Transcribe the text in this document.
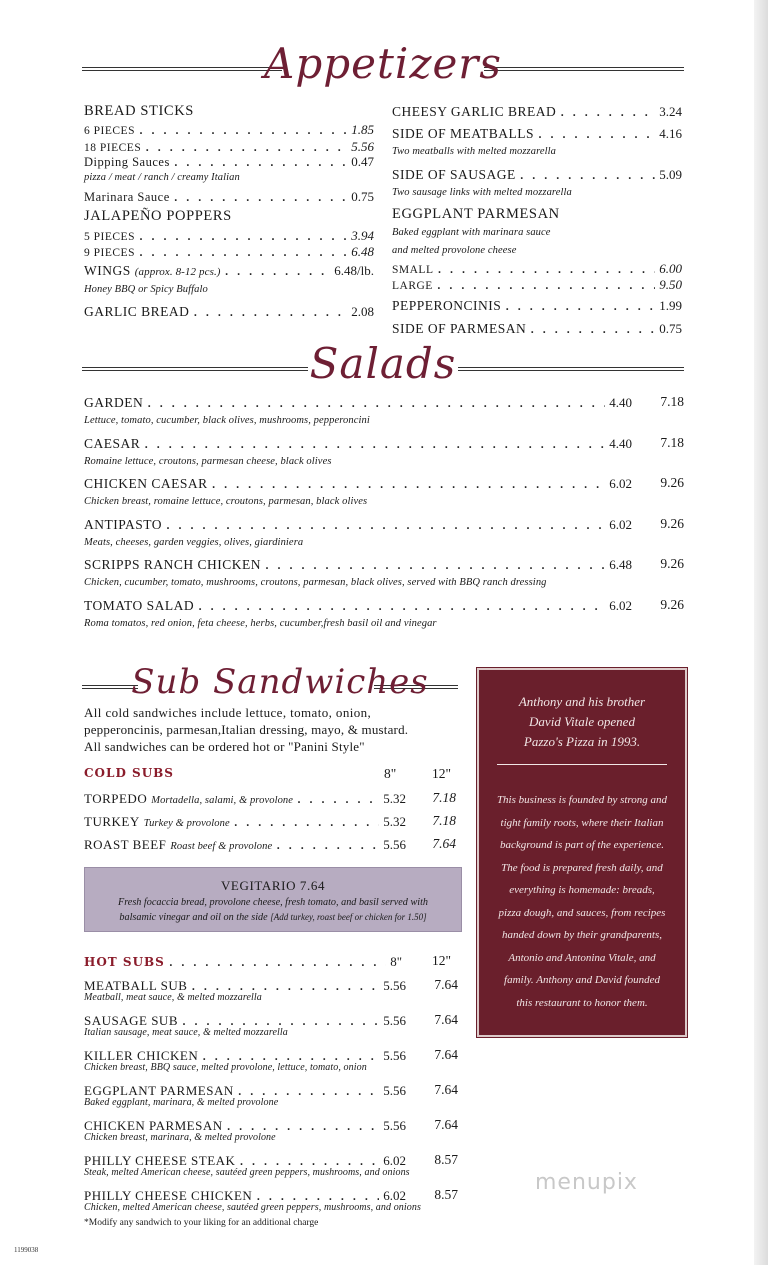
Appetizers
BREAD STICKS
6 PIECES . . .	1.85
18 PIECES . . .	5.56
Dipping Sauces . . .	0.47
pizza / meat / ranch / creamy Italian
Marinara Sauce . . .	0.75
JALAPEÑO POPPERS
5 PIECES . . .	3.94
9 PIECES . . .	6.48
WINGS
(approx. 8-12 pcs.) . . .	6.48/lb.
Honey BBQ or Spicy Buffalo
GARLIC BREAD . . .	2.08
CHEESY GARLIC BREAD . . .	3.24
SIDE OF MEATBALLS . . .	4.16
Two meatballs with melted mozzarella
SIDE OF SAUSAGE . . .	5.09
Two sausage links with melted mozzarella
EGGPLANT PARMESAN
Baked eggplant with marinara sauce
and melted provolone cheese
SMALL . . .	6.00
LARGE . . .	9.50
PEPPERONCINIS . . .	1.99
SIDE OF PARMESAN . . .	0.75
Salads
GARDEN . . .	4.40	7.18
Lettuce, tomato, cucumber, black olives, mushrooms, pepperoncini
CAESAR . . .	4.40	7.18
Romaine lettuce, croutons, parmesan cheese, black olives
CHICKEN CAESAR . . .	6.02	9.26
Chicken breast, romaine lettuce, croutons, parmesan, black olives
ANTIPASTO . . .	6.02	9.26
Meats, cheeses, garden veggies, olives, giardiniera
SCRIPPS RANCH CHICKEN . . .	6.48	9.26
Chicken, cucumber, tomato, mushrooms, croutons, parmesan, black olives, served with BBQ ranch dressing
TOMATO SALAD . . .	6.02	9.26
Roma tomatos, red onion, feta cheese, herbs, cucumber,fresh basil oil and vinegar
Sub Sandwiches
All cold sandwiches include lettuce, tomato, onion,
pepperoncinis, parmesan,Italian dressing, mayo, & mustard.
All sandwiches can be ordered hot or "Panini Style"
COLD SUBS	8"	12"
TORPEDO Mortadella, salami, & provolone . . .	5.32 7.18
TURKEY Turkey & provolone . . .	5.32 7.18
ROAST BEEF Roast beef & provolone . . .	5.56 7.64
VEGITARIO 7.64
Fresh focaccia bread, provolone cheese, fresh tomato, and basil served with
balsamic vinegar and oil on the side [Add turkey, roast beef or chicken for 1.50]
HOT SUBS . . .	8" 12"
MEATBALL SUB . . .	5.56	7.64
Meatball, meat sauce, & melted mozzarella
SAUSAGE SUB . . .	5.56	7.64
Italian sausage, meat sauce, & melted mozzarella
KILLER CHICKEN . . .	5.56	7.64
Chicken breast, BBQ sauce, melted provolone, lettuce, tomato, onion
EGGPLANT PARMESAN . . .	5.56	7.64
Baked eggplant, marinara, & melted provolone
CHICKEN PARMESAN . . .	5.56	7.64
Chicken breast, marinara, & melted provolone
PHILLY CHEESE STEAK . . .	6.02	8.57
Steak, melted American cheese, sautéed green peppers, mushrooms, and onions
PHILLY CHEESE CHICKEN . . .	6.02	8.57
Chicken, melted American cheese, sautéed green peppers, mushrooms, and onions
*Modify any sandwich to your liking for an additional charge
Anthony and his brother
David Vitale opened
Pazzo's Pizza in 1993.
This business is founded by strong and
tight family roots, where their Italian
background is part of the experience.
The food is prepared fresh daily, and
everything is homemade: breads,
pizza dough, and sauces, from recipes
handed down by their grandparents,
Antonio and Antonina Vitale, and
family. Anthony and David founded
this restaurant to honor them.
menupix
1199038
